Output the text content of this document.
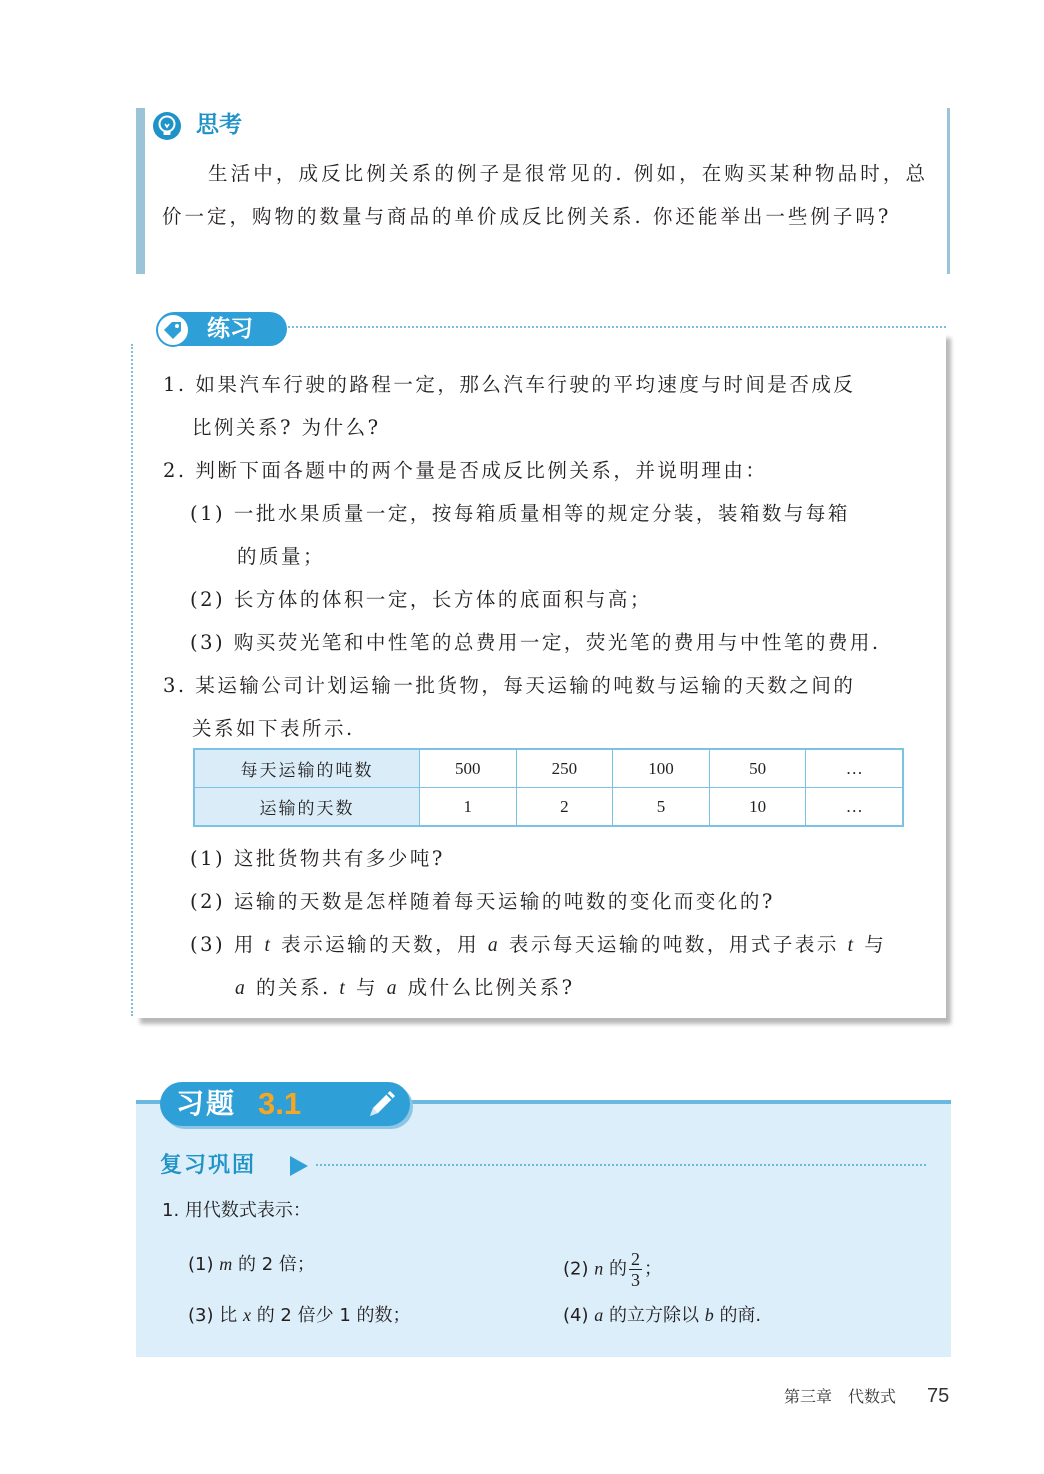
思考
生活中，成反比例关系的例子是很常见的. 例如，在购买某种物品时，总价一定，购物的数量与商品的单价成反比例关系. 你还能举出一些例子吗?
1. 如果汽车行驶的路程一定，那么汽车行驶的平均速度与时间是否成反
比例关系? 为什么?
2. 判断下面各题中的两个量是否成反比例关系，并说明理由：
(1) 一批水果质量一定，按每箱质量相等的规定分装，装箱数与每箱
的质量；
(2) 长方体的体积一定，长方体的底面积与高；
(3) 购买荧光笔和中性笔的总费用一定，荧光笔的费用与中性笔的费用.
3. 某运输公司计划运输一批货物，每天运输的吨数与运输的天数之间的
关系如下表所示.
每天运输的吨数	500	250	100	50	…
运输的天数	1	2	5	10	…
(1) 这批货物共有多少吨?
(2) 运输的天数是怎样随着每天运输的吨数的变化而变化的?
(3) 用 t 表示运输的天数，用 a 表示每天运输的吨数，用式子表示 t 与
a 的关系. t 与 a 成什么比例关系?
练习
习题 3.1
复习巩固
1. 用代数式表示：
(1) m 的 2 倍；	(2) n 的 $\frac{2}{3}$ ；
(3) 比 x 的 2 倍少 1 的数；	(4) a 的立方除以 b 的商.
第三章　代数式 75
